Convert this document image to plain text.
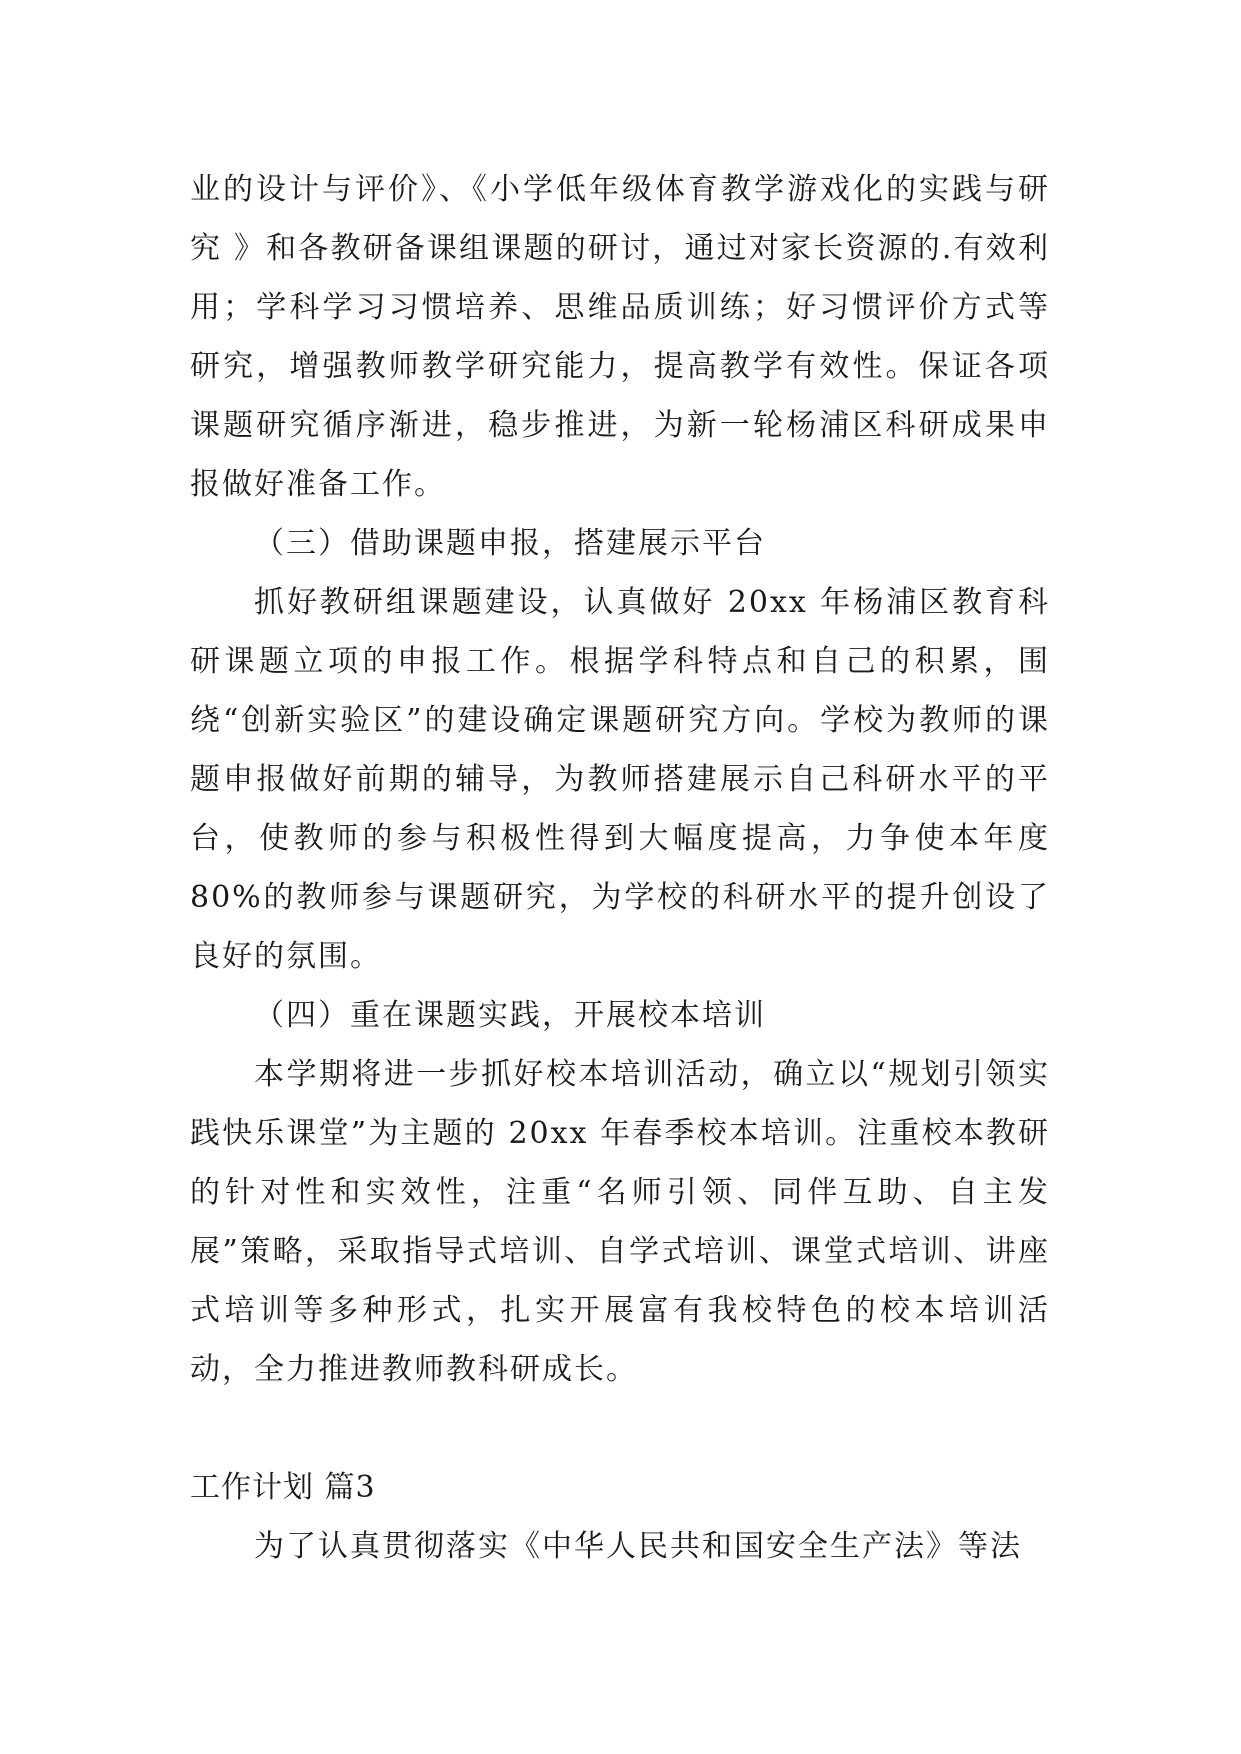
业的设计与评价》、《小学低年级体育教学游戏化的实践与研究 》和各教研备课组课题的研讨，通过对家长资源的.有效利用；学科学习习惯培养、思维品质训练；好习惯评价方式等研究，增强教师教学研究能力，提高教学有效性。保证各项课题研究循序渐进，稳步推进，为新一轮杨浦区科研成果申报做好准备工作。

（三）借助课题申报，搭建展示平台

抓好教研组课题建设，认真做好 20xx 年杨浦区教育科研课题立项的申报工作。根据学科特点和自己的积累，围绕“创新实验区”的建设确定课题研究方向。学校为教师的课题申报做好前期的辅导，为教师搭建展示自己科研水平的平台，使教师的参与积极性得到大幅度提高，力争使本年度 80%的教师参与课题研究，为学校的科研水平的提升创设了良好的氛围。

（四）重在课题实践，开展校本培训

本学期将进一步抓好校本培训活动，确立以“规划引领实践快乐课堂”为主题的 20xx 年春季校本培训。注重校本教研的针对性和实效性，注重“名师引领、同伴互助、自主发展”策略，采取指导式培训、自学式培训、课堂式培训、讲座式培训等多种形式，扎实开展富有我校特色的校本培训活动，全力推进教师教科研成长。

工作计划 篇3

为了认真贯彻落实《中华人民共和国安全生产法》等法
